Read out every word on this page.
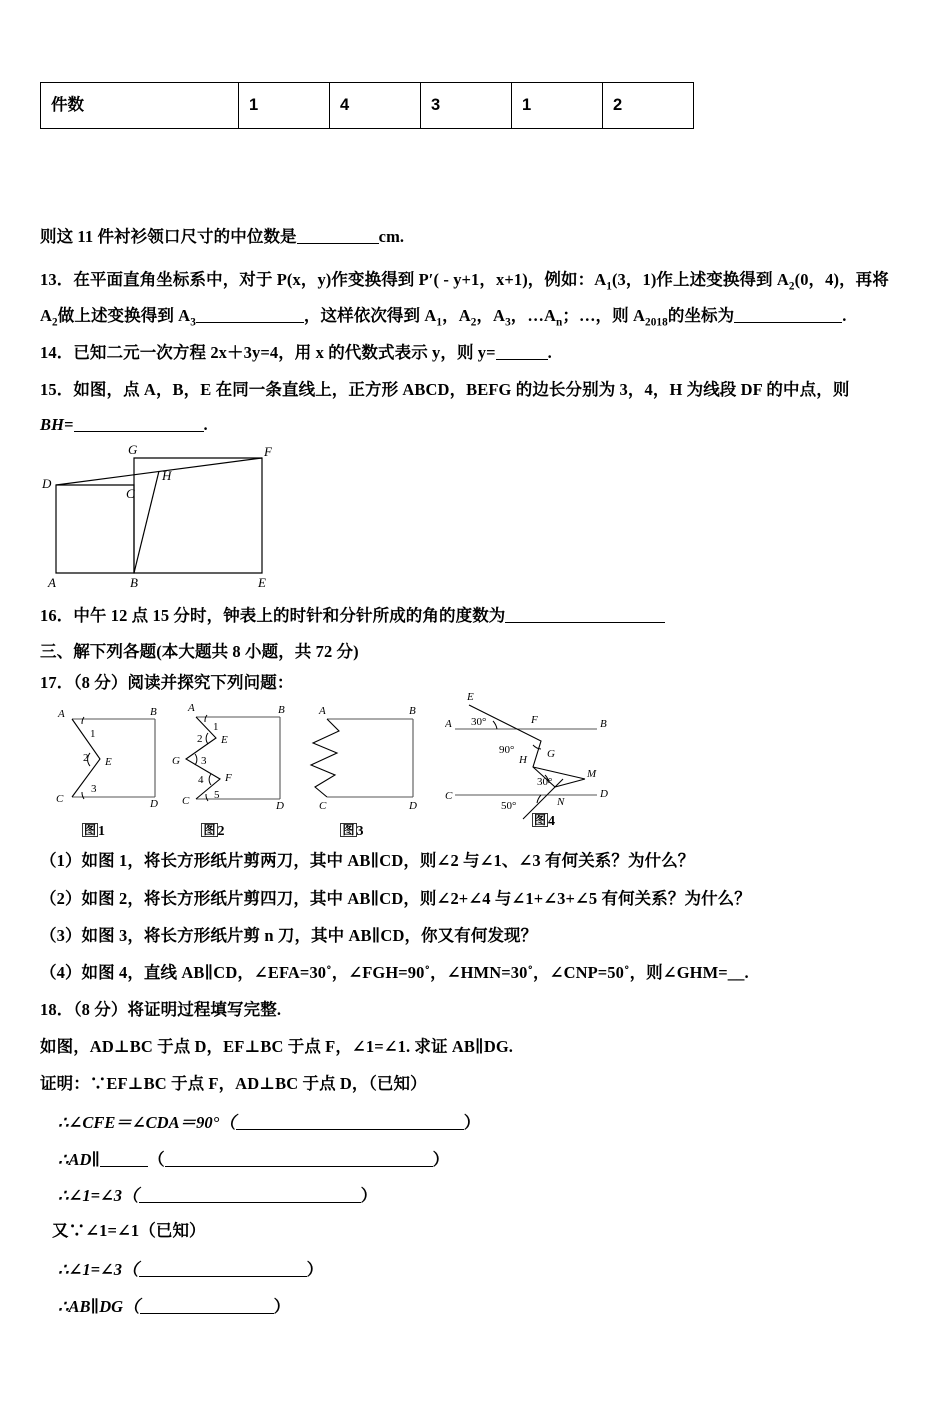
件数	1	4	3	1	2
则这 11 件衬衫领口尺寸的中位数是	cm.
13．在平面直角坐标系中，对于 P(x，y)作变换得到 P′( - y+1，x+1)，例如：$A_1(3$，1)作上述变换得到 $A_2(0$，4)，再将
$A_2$做上述变换得到 $A_3$	，这样依次得到 $A_1$，$A_2$，$A_3$，$\dots A_n$；…，则 $A_{2018}$的坐标为	.
14．已知二元一次方程 2x＋3y=4，用 x 的代数式表示 y，则 y=	.
15．如图，点 A，B，E 在同一条直线上，正方形 ABCD，BEFG 的边长分别为 3，4，H 为线段 DF 的中点，则
BH=	.
A	B	E
D
C
G
H
F
16．中午 12 点 15 分时，钟表上的时针和分针所成的角的度数为
三、解下列各题(本大题共 8 小题，共 72 分)
17．（8 分）阅读并探究下列问题：
A	B
C	D
E
1
2
3
图 1
A	B
C	D
E
F
G
1
2
3
4
5
图 2
A	B
C	D
图 3
E
A	B
C	D
F
G
H
M
N
30°
90°
30°
50°
图 4
（1）如图 1，将长方形纸片剪两刀，其中 AB∥CD，则∠2 与∠1、∠3 有何关系？为什么？
（2）如图 2，将长方形纸片剪四刀，其中 AB∥CD，则∠2+∠4 与∠1+∠3+∠5 有何关系？为什么？
（3）如图 3，将长方形纸片剪 n 刀，其中 AB∥CD，你又有何发现？
（4）如图 4，直线 AB∥CD，∠EFA=30˚，∠FGH=90˚，∠HMN=30˚，∠CNP=50˚，则∠GHM=__.
18．（8 分）将证明过程填写完整.
如图，AD⊥BC 于点 D，EF⊥BC 于点 F，∠1=∠1. 求证 AB∥DG.
证明：∵EF⊥BC 于点 F，AD⊥BC 于点 D，（已知）
∴∠CFE＝∠CDA＝90°（	）
∴AD∥	（	）
∴∠1=∠3（	）
又∵∠1=∠1（已知）
∴∠1=∠3（	）
∴AB∥DG（	）
